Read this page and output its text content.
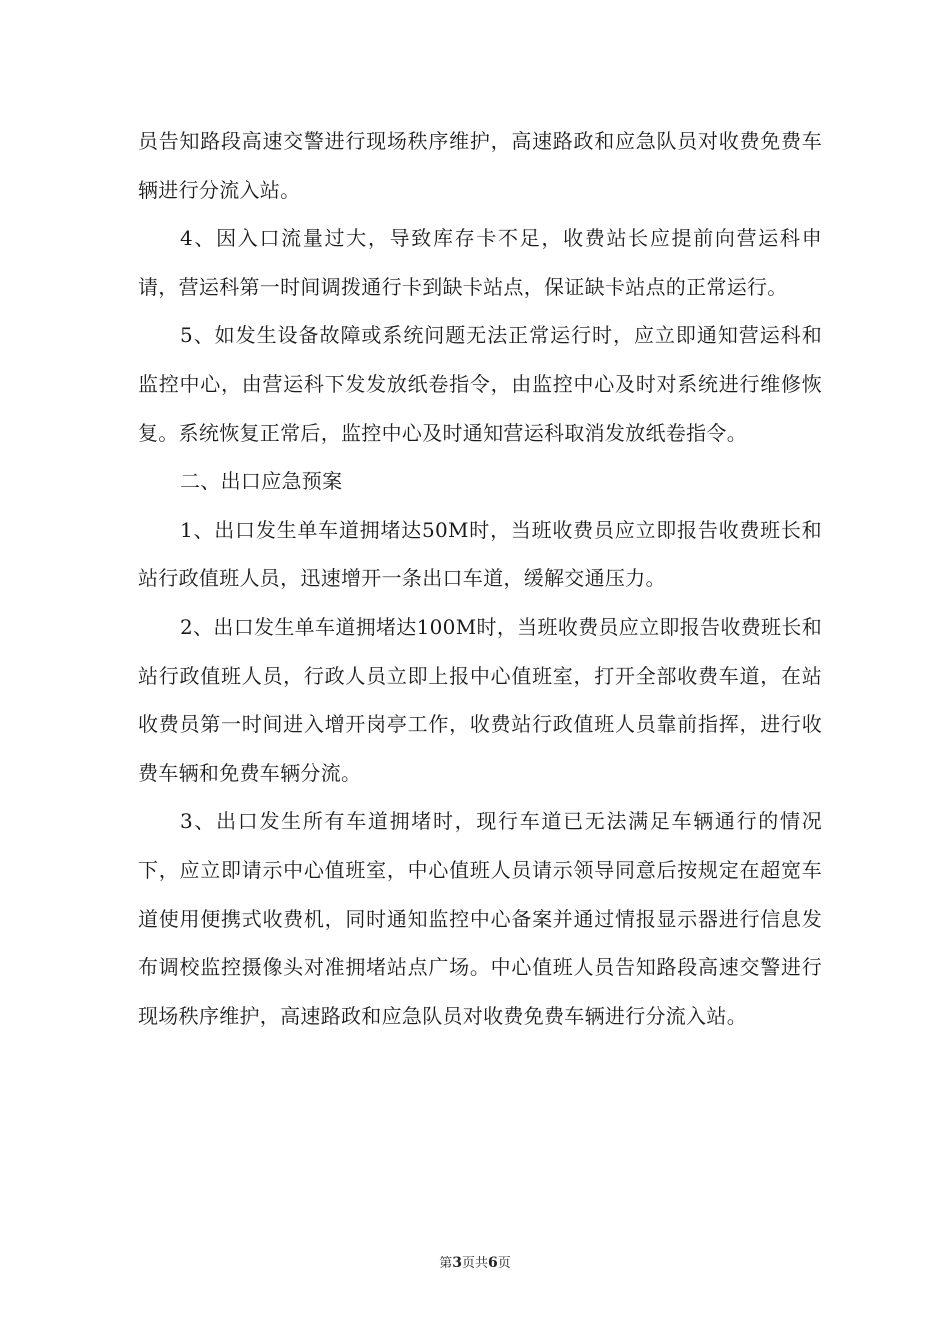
员告知路段高速交警进行现场秩序维护，高速路政和应急队员对收费免费车辆进行分流入站。

4、因入口流量过大，导致库存卡不足，收费站长应提前向营运科申请，营运科第一时间调拨通行卡到缺卡站点，保证缺卡站点的正常运行。

5、如发生设备故障或系统问题无法正常运行时，应立即通知营运科和监控中心，由营运科下发发放纸卷指令，由监控中心及时对系统进行维修恢复。系统恢复正常后，监控中心及时通知营运科取消发放纸卷指令。

二、出口应急预案

1、出口发生单车道拥堵达50M时，当班收费员应立即报告收费班长和站行政值班人员，迅速增开一条出口车道，缓解交通压力。

2、出口发生单车道拥堵达100M时，当班收费员应立即报告收费班长和站行政值班人员，行政人员立即上报中心值班室，打开全部收费车道，在站收费员第一时间进入增开岗亭工作，收费站行政值班人员靠前指挥，进行收费车辆和免费车辆分流。

3、出口发生所有车道拥堵时，现行车道已无法满足车辆通行的情况下，应立即请示中心值班室，中心值班人员请示领导同意后按规定在超宽车道使用便携式收费机，同时通知监控中心备案并通过情报显示器进行信息发布调校监控摄像头对准拥堵站点广场。中心值班人员告知路段高速交警进行现场秩序维护，高速路政和应急队员对收费免费车辆进行分流入站。

第3页共6页
